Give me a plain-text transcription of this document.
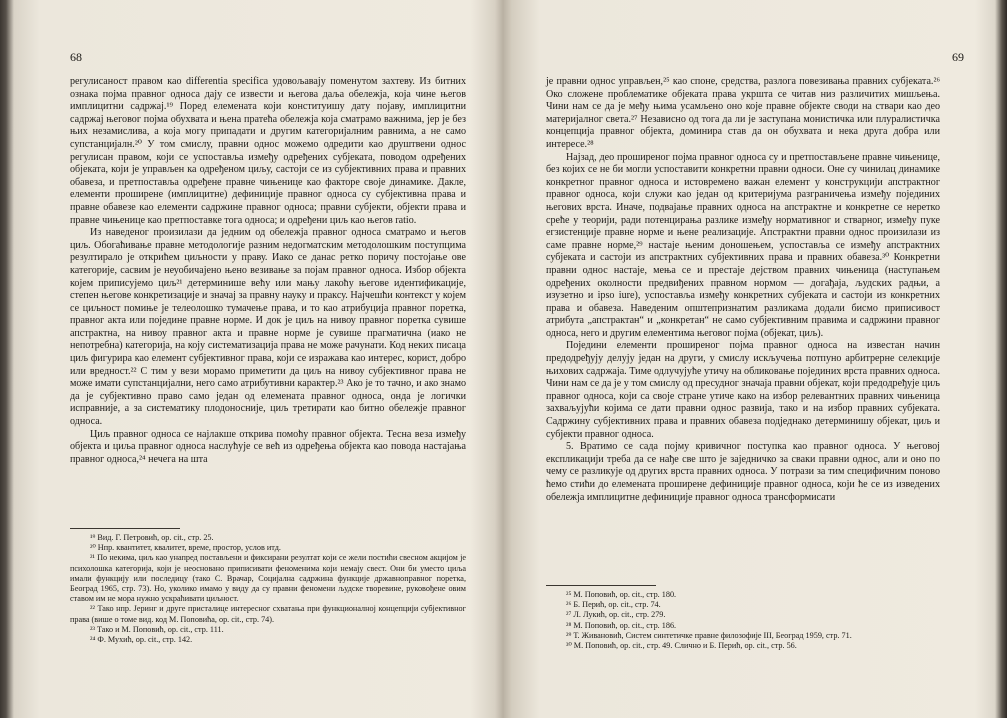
68

регулисаност правом као differentia specifica удовољавају поменутом захтеву. Из битних ознака појма правног односа дају се извести и његова даља обележја, која чине његов имплицитни садржај.¹⁹ Поред елемената који конституишу дату појаву, имплицитни садржај његовог појма обухвата и њена пратећа обележја која сматрамо важнима, јер је без њих незамислива, а која могу припадати и другим категоријалним равнима, а не само супстанцијалн.²⁰ У том смислу, правни однос можемо одредити као друштвени однос регулисан правом, који се успоставља између одређених субјеката, поводом одређених објеката, који је управљен ка одређеном циљу, састоји се из субјективних права и правних обавеза, и претпоставља одређене правне чињенице као факторе своје динамике. Дакле, елементи проширене (имплицитне) дефиниције правног односа су субјективна права и правне обавезе као елементи садржине правног односа; правни субјекти, објекти права и правне чињенице као претпоставке тога односа; и одређени циљ као његов ratio.

Из наведеног произилази да једним од обележја правног односа сматрамо и његов циљ. Обогаћивање правне методологије разним недогматским методолошким поступцима резултирало је открићем циљности у праву. Иако се данас ретко поричу постојање ове категорије, сасвим је неуобичајено њено везивање за појам правног односа. Избор објекта којем приписујемо циљ²¹ детерминише већу или мању лакоћу његове идентификације, степен његове конкретизације и значај за правну науку и праксу. Најчешћи контекст у којем се циљност помиње је телеолошко тумачење права, и то као атрибуција правног поретка, правног акта или појединe правне норме. И док је циљ на нивоу правног поретка сувише апстрактна, на нивоу правног акта и правне норме је сувише прагматична (иако не непотребна) категорија, на коју систематизација права не може рачунати. Код неких писаца циљ фигурира као елемент субјективног права, који се изражава као интерес, корист, добро или вредност.²² С тим у вези морамо приметити да циљ на нивоу субјективног права не може имати супстанцијални, него само атрибутивни карактер.²³ Ако је то тачно, и ако знамо да је субјективно право само један од елемената правног односа, онда је логички исправније, а за систематику плодоносније, циљ третирати као битно обележје правног односа.

Циљ правног односа се најлакше открива помоћу правног објекта. Тесна веза између објекта и циља правног односа наслућује се већ из одређења објекта као повода настајања правног односа,²⁴ нечега на шта

¹⁹ Вид. Г. Петровић, op. cit., стр. 25.

²⁰ Нпр. квантитет, квалитет, време, простор, услов итд.

²¹ По некима, циљ као унапред постављени и фиксирани резултат који се жели постићи свесном акцијом је психолошка категорија, који је неосновано приписивати феноменима који немају свест. Они би уместо циља имали функцију или последицу (тако С. Врачар, Социјална садржина функције државноправног поретка, Београд 1965, стр. 73). Но, уколико имамо у виду да су правни феномени људске творевине, руковођене овим ставом им не мора нужно ускраћивати циљност.

²² Тако нпр. Јеринг и друге присталице интересног схватања при функционалној концепцији субјективног права (више о томе вид. код М. Поповића, op. cit., стр. 74).

²³ Тако и М. Поповић, op. cit., стр. 111.

²⁴ Ф. Мухић, op. cit., стр. 142.

69

је правни однос управљен,²⁵ као споне, средства, разлога повезивања правних субјеката.²⁶ Око сложене проблематике објеката права укршта се читав низ различитих мишљења. Чини нам се да је међу њима усамљено оно које правне објекте своди на ствари као део материјалног света.²⁷ Независно од тога да ли је заступана монистичка или плуралистичка концепција правног објекта, доминира став да он обухвата и нека друга добра или интересе.²⁸

Најзад, део проширеног појма правног односа су и претпостављене правне чињенице, без којих се не би могли успоставити конкретни правни односи. Оне су чинилац динамике конкретног правног односа и истовремено важан елемент у конструкцији апстрактног правног односа, који служи као један од критеријума разграничења између појединих његових врста. Иначе, подвајање правних односа на апстрактне и конкретне се неретко среће у теорији, ради потенцирања разлике између нормативног и стварног, између пуке егзистенције правне норме и њене реализације. Апстрактни правни однос произилази из саме правне норме,²⁹ настаје њеним доношењем, успоставља се између апстрактних субјеката и састоји из апстрактних субјективних права и правних обавеза.³⁰ Конкретни правни однос настаје, мења се и престаје дејством правних чињеница (наступањем одређених околности предвиђених правном нормом — догађаја, људских радњи, а изузетно и ipso iure), успоставља између конкретних субјеката и састоји из конкретних права и обавеза. Наведеним општепризнатим разликама додали бисмо приписивост атрибута „апстрактан“ и „конкретан“ не само субјективним правима и садржини правног односа, него и другим елементима његовог појма (објекат, циљ).

Поједини елементи проширеног појма правног односа на известан начин предодређују делују један на други, у смислу искључења потпуно арбитрерне селекције њихових садржаја. Тиме одлучујуће утичу на обликовање појединих врста правних односа. Чини нам се да је у том смислу од пресудног значаја правни објекат, који предодређује циљ правног односа, који са своје стране утиче како на избор релевантних правних чињеница захваљујући којима се дати правни однос развија, тако и на избор правних субјеката. Садржину субјективних права и правних обавеза подједнако детерминишу објекат, циљ и субјекти правног односа.

5. Вратимо се сада појму кривичног поступка као правног односа. У његовој експликацији треба да се нађе све што је заједничко за сваки правни однос, али и оно по чему се разликује од других врста правних односа. У потрази за тим специфичним поново ћемо стићи до елемената проширене дефиниције правног односа, који ће се из изведених обележја имплицитне дефиниције правног односа трансформисати

²⁵ М. Поповић, op. cit., стр. 180.

²⁶ Б. Перић, op. cit., стр. 74.

²⁷ Л. Лукић, op. cit., стр. 279.

²⁸ М. Поповић, op. cit., стр. 186.

²⁹ Т. Живановић, Систем синтетичке правне филозофије III, Београд 1959, стр. 71.

³⁰ М. Поповић, op. cit., стр. 49. Слично и Б. Перић, op. cit., стр. 56.
